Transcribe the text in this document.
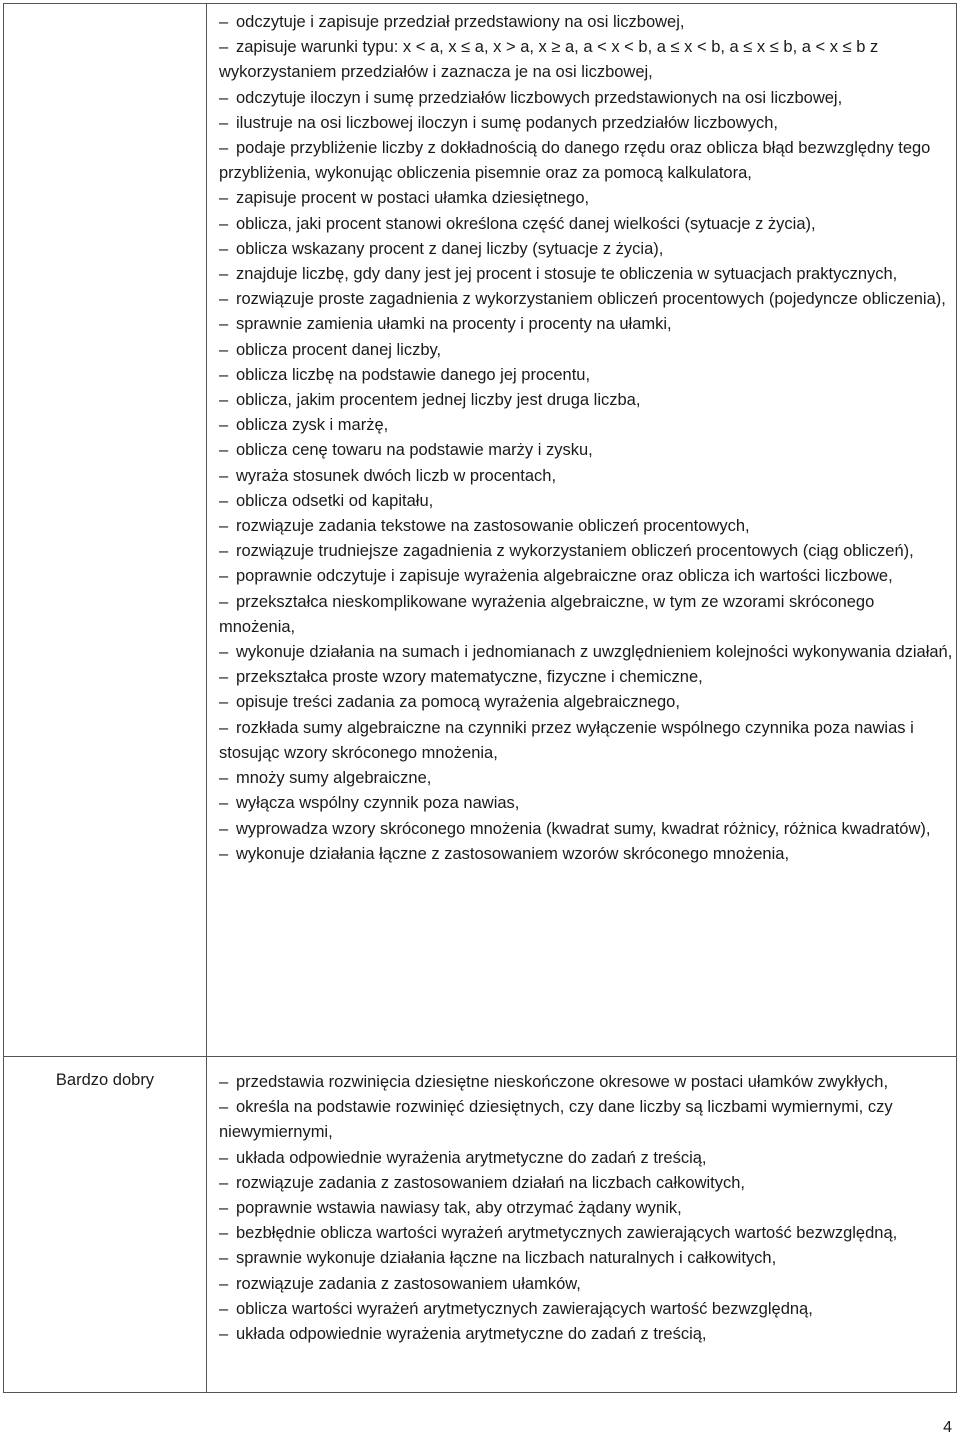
– odczytuje i zapisuje przedział przedstawiony na osi liczbowej,

– zapisuje warunki typu: x < a, x ≤ a, x > a, x ≥ a, a < x < b, a ≤ x < b, a ≤ x ≤ b, a < x ≤ b z wykorzystaniem przedziałów i zaznacza je na osi liczbowej,

– odczytuje iloczyn i sumę przedziałów liczbowych przedstawionych na osi liczbowej,

– ilustruje na osi liczbowej iloczyn i sumę podanych przedziałów liczbowych,

– podaje przybliżenie liczby z dokładnością do danego rzędu oraz oblicza błąd bezwzględny tego przybliżenia, wykonując obliczenia pisemnie oraz za pomocą kalkulatora,

– zapisuje procent w postaci ułamka dziesiętnego,

– oblicza, jaki procent stanowi określona część danej wielkości (sytuacje z życia),

– oblicza wskazany procent z danej liczby (sytuacje z życia),

– znajduje liczbę, gdy dany jest jej procent i stosuje te obliczenia w sytuacjach praktycznych,

– rozwiązuje proste zagadnienia z wykorzystaniem obliczeń procentowych (pojedyncze obliczenia),

– sprawnie zamienia ułamki na procenty i procenty na ułamki,

– oblicza procent danej liczby,

– oblicza liczbę na podstawie danego jej procentu,

– oblicza, jakim procentem jednej liczby jest druga liczba,

– oblicza zysk i marżę,

– oblicza cenę towaru na podstawie marży i zysku,

– wyraża stosunek dwóch liczb w procentach,

– oblicza odsetki od kapitału,

– rozwiązuje zadania tekstowe na zastosowanie obliczeń procentowych,

– rozwiązuje trudniejsze zagadnienia z wykorzystaniem obliczeń procentowych (ciąg obliczeń),

– poprawnie odczytuje i zapisuje wyrażenia algebraiczne oraz oblicza ich wartości liczbowe,

– przekształca nieskomplikowane wyrażenia algebraiczne, w tym ze wzorami skróconego mnożenia,

– wykonuje działania na sumach i jednomianach z uwzględnieniem kolejności wykonywania działań,

– przekształca proste wzory matematyczne, fizyczne i chemiczne,

– opisuje treści zadania za pomocą wyrażenia algebraicznego,

– rozkłada sumy algebraiczne na czynniki przez wyłączenie wspólnego czynnika poza nawias i stosując wzory skróconego mnożenia,

– mnoży sumy algebraiczne,

– wyłącza wspólny czynnik poza nawias,

– wyprowadza wzory skróconego mnożenia (kwadrat sumy, kwadrat różnicy, różnica kwadratów),

– wykonuje działania łączne z zastosowaniem wzorów skróconego mnożenia,

Bardzo dobry	– przedstawia rozwinięcia dziesiętne nieskończone okresowe w postaci ułamków zwykłych,

– określa na podstawie rozwinięć dziesiętnych, czy dane liczby są liczbami wymiernymi, czy niewymiernymi,

– układa odpowiednie wyrażenia arytmetyczne do zadań z treścią,

– rozwiązuje zadania z zastosowaniem działań na liczbach całkowitych,

– poprawnie wstawia nawiasy tak, aby otrzymać żądany wynik,

– bezbłędnie oblicza wartości wyrażeń arytmetycznych zawierających wartość bezwzględną,

– sprawnie wykonuje działania łączne na liczbach naturalnych i całkowitych,

– rozwiązuje zadania z zastosowaniem ułamków,

– oblicza wartości wyrażeń arytmetycznych zawierających wartość bezwzględną,

– układa odpowiednie wyrażenia arytmetyczne do zadań z treścią,

4
